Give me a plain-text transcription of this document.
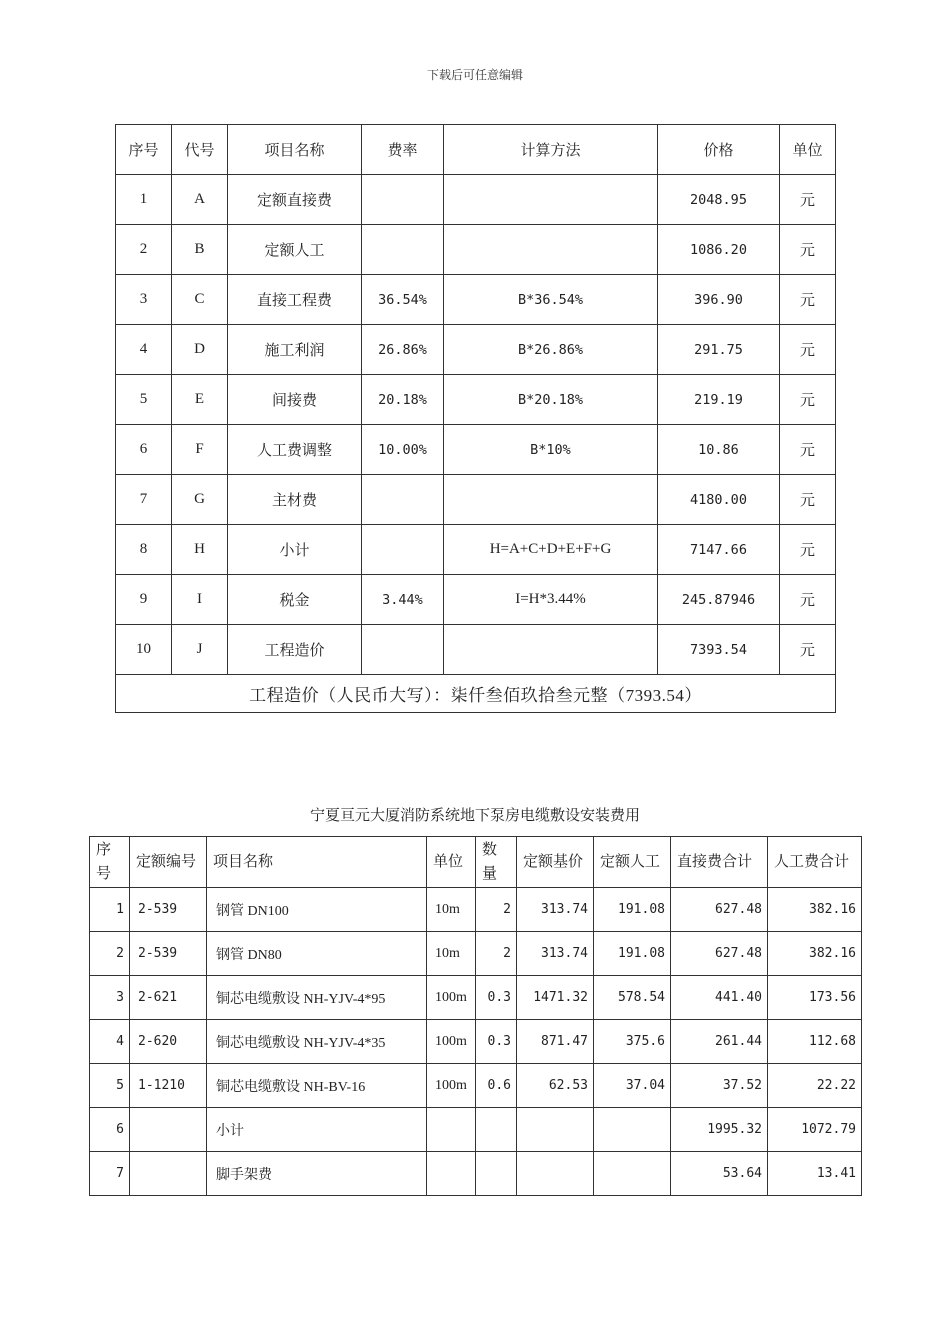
下载后可任意编辑
序号	代号	项目名称	费率	计算方法	价格	单位
1	A	定额直接费			2048.95	元
2	B	定额人工			1086.20	元
3	C	直接工程费	36.54%	B*36.54%	396.90	元
4	D	施工利润	26.86%	B*26.86%	291.75	元
5	E	间接费	20.18%	B*20.18%	219.19	元
6	F	人工费调整	10.00%	B*10%	10.86	元
7	G	主材费			4180.00	元
8	H	小计		H=A+C+D+E+F+G	7147.66	元
9	I	税金	3.44%	I=H*3.44%	245.87946	元
10	J	工程造价			7393.54	元
工程造价（人民币大写）：柒仟叁佰玖拾叁元整（7393.54）						
宁夏亘元大厦消防系统地下泵房电缆敷设安装费用
序号	定额编号	项目名称	单位	数量	定额基价	定额人工	直接费合计	人工费合计
1	2-539	钢管 DN100	10m	2	313.74	191.08	627.48	382.16
2	2-539	钢管 DN80	10m	2	313.74	191.08	627.48	382.16
3	2-621	铜芯电缆敷设 NH-YJV-4*95	100m	0.3	1471.32	578.54	441.40	173.56
4	2-620	铜芯电缆敷设 NH-YJV-4*35	100m	0.3	871.47	375.6	261.44	112.68
5	1-1210	铜芯电缆敷设 NH-BV-16	100m	0.6	62.53	37.04	37.52	22.22
6		小计					1995.32	1072.79
7		脚手架费					53.64	13.41
